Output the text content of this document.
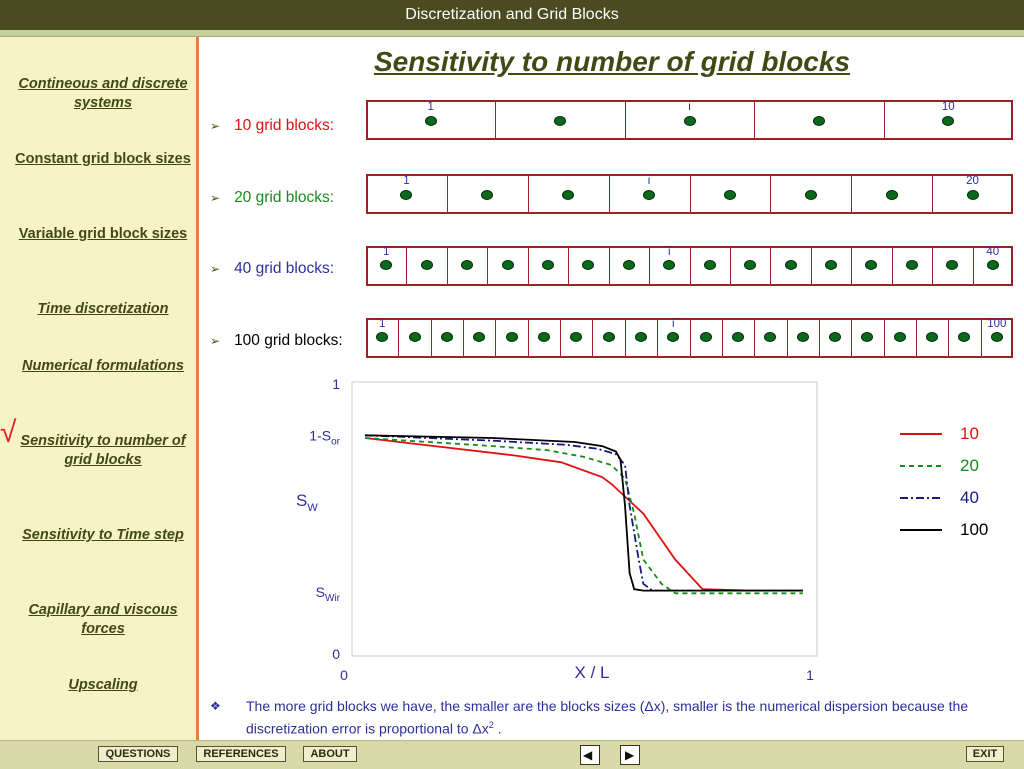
Discretization and Grid Blocks
Contineous and discrete systems
Constant grid block sizes
Variable grid block sizes
Time discretization
Numerical formulations
Sensitivity to number of grid blocks
Sensitivity to Time step
Capillary and viscous forces
Upscaling
√
Sensitivity to number of grid blocks
➢ 10 grid blocks:
➢ 20 grid blocks:
➢ 40 grid blocks:
➢ 100 grid blocks:
1	i	10
1	i	20
1	i	40
1	i	100
1
$1-S_{or}$
$S_{Wir}$
0
0	1
X / L
$S_W$
10
20
40
100
❖ The more grid blocks we have, the smaller are the blocks sizes (Δx), smaller is the numerical dispersion because the discretization error is proportional to $\Delta x^2$ .
QUESTIONS	REFERENCES	ABOUT	◀	▶	EXIT
